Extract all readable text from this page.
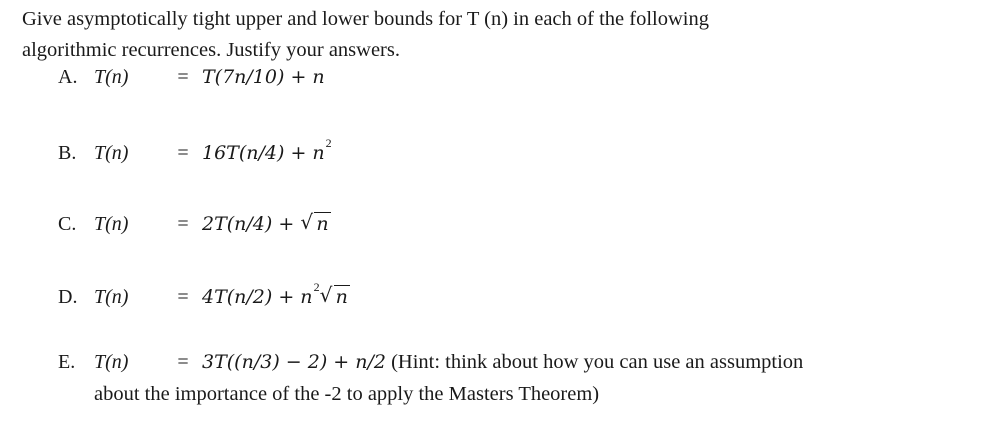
Give asymptotically tight upper and lower bounds for T (n) in each of the following
algorithmic recurrences. Justify your answers.
A. T(n) = T(7n/10) + n
B. $T(n) = 16T(n/4) + n^2$
C. T(n) = 2T(n/4) + √ n
D. $T(n) = 4T(n/2) + n^2√$ n
E. T(n) = 3T((n/3) − 2) + n/2 (Hint: think about how you can use an assumption
about the importance of the -2 to apply the Masters Theorem)
